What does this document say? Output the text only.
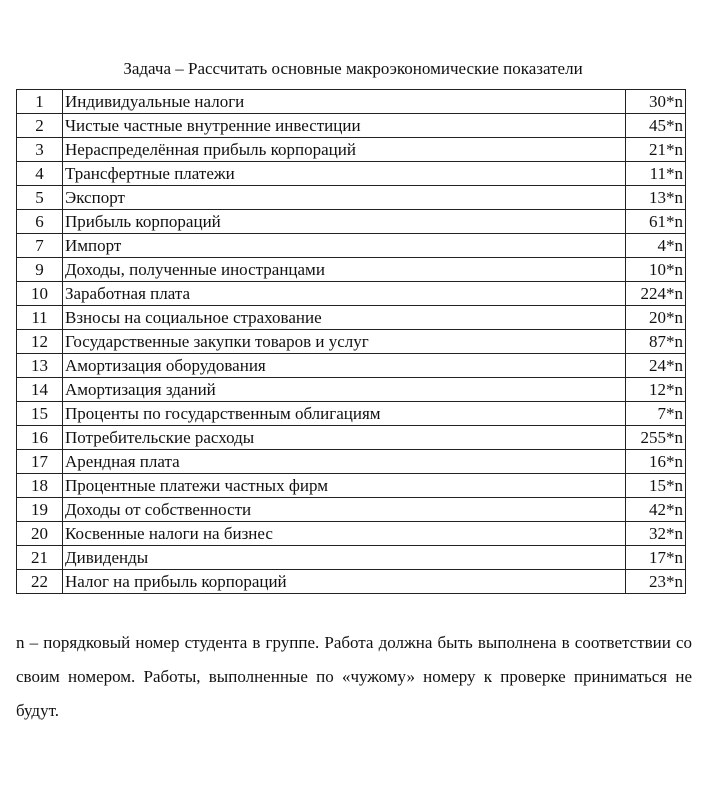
Задача – Рассчитать основные макроэкономические показатели
1	Индивидуальные налоги	30*n
2	Чистые частные внутренние инвестиции	45*n
3	Нераспределённая прибыль корпораций	21*n
4	Трансфертные платежи	11*n
5	Экспорт	13*n
6	Прибыль корпораций	61*n
7	Импорт	4*n
9	Доходы, полученные иностранцами	10*n
10	Заработная плата	224*n
11	Взносы на социальное страхование	20*n
12	Государственные закупки товаров и услуг	87*n
13	Амортизация оборудования	24*n
14	Амортизация зданий	12*n
15	Проценты по государственным облигациям	7*n
16	Потребительские расходы	255*n
17	Арендная плата	16*n
18	Процентные платежи частных фирм	15*n
19	Доходы от собственности	42*n
20	Косвенные налоги на бизнес	32*n
21	Дивиденды	17*n
22	Налог на прибыль корпораций	23*n
n – порядковый номер студента в группе. Работа должна быть выполнена в соответствии со своим номером. Работы, выполненные по «чужому» номеру к проверке приниматься не будут.
